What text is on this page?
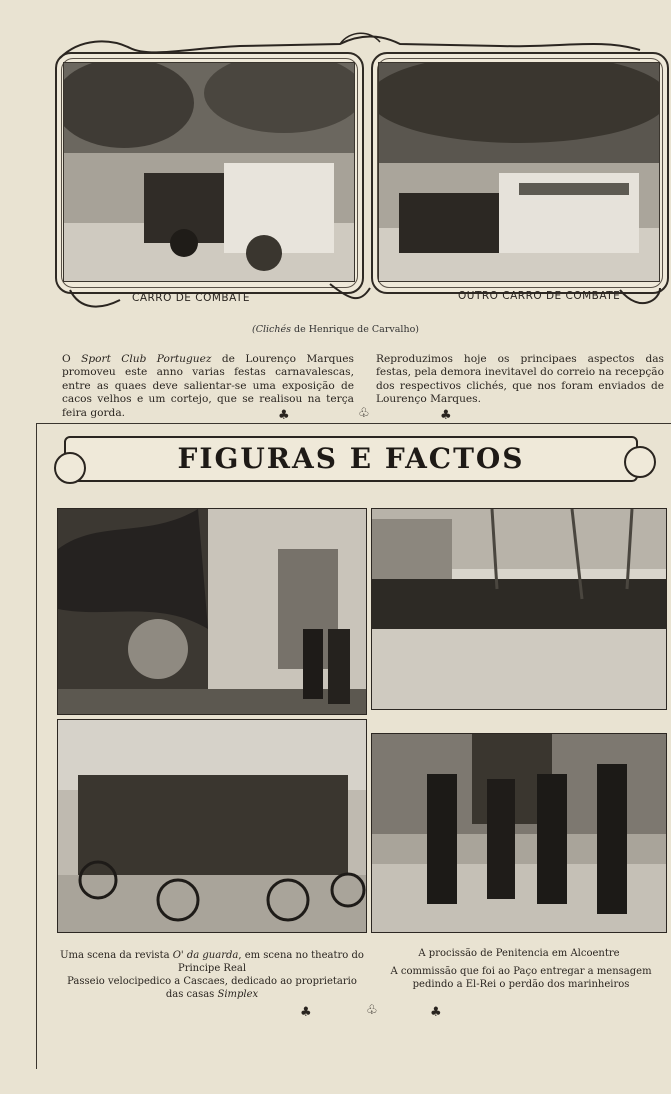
CARRO DE COMBATE	OUTRO CARRO DE COMBATE
(Clichés de Henrique de Carvalho)
O Sport Club Portuguez de Lourenço Marques promoveu este anno varias festas carnavalescas, entre as quaes deve salientar-se uma exposição de cacos velhos e um cortejo, que se realisou na terça feira gorda.
Reproduzimos hoje os principaes aspectos das festas, pela demora inevitavel do correio na recepção dos respectivos clichés, que nos foram enviados de Lourenço Marques.
♣	♧	♣
FIGURAS E FACTOS
Uma scena da revista O' da guarda, em scena no theatro do Principe Real
Passeio velocipedico a Cascaes, dedicado ao proprietario das casas Simplex
A procissão de Penitencia em Alcoentre
A commissão que foi ao Paço entregar a mensagem pedindo a El-Rei o perdão dos marinheiros
♣	♧	♣
